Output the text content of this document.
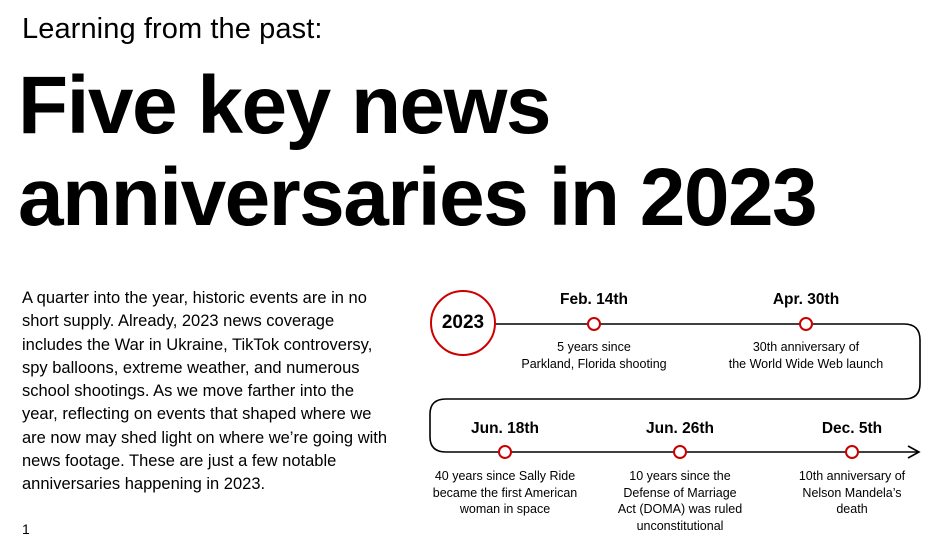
Learning from the past:
Five key news
anniversaries in 2023
A quarter into the year, historic events are in no short supply. Already, 2023 news coverage includes the War in Ukraine, TikTok controversy, spy balloons, extreme weather, and numerous school shootings. As we move farther into the year, reflecting on events that shaped where we are now may shed light on where we’re going with news footage. These are just a few notable anniversaries happening in 2023.
2023
Feb. 14th
5 years since
Parkland, Florida shooting
Apr. 30th
30th anniversary of
the World Wide Web launch
Jun. 18th
40 years since Sally Ride
became the first American
woman in space
Jun. 26th
10 years since the
Defense of Marriage
Act (DOMA) was ruled
unconstitutional
Dec. 5th
10th anniversary of
Nelson Mandela’s
death
1
